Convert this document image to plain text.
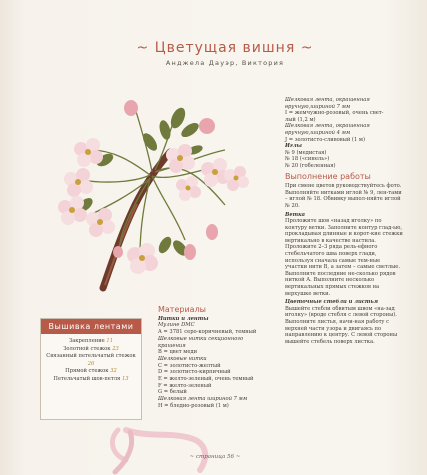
~ Цветущая вишня ~
Анджела Дауэр, Виктория
Шелковая лента, окрашенная
вручную,шириной 7 мм
I = жемчужно-розовый, очень свет-
лый (1,2 м)
Шелковая лента, окрашенная
вручную,шириной 4 мм
J = золотисто-сливовый (1 м)
Иглы
№ 9 (медистая)
№ 18 («синель»)
№ 20 (гобеленная)
Выполнение работы

При смене цветов руководствуйтесь фото. Выполняйте нитками иглой № 9, лен-тами – иглой № 18. Обвивку выпол-няйте иглой № 20.

Ветка

Проложите шов «назад иголку» по контуру ветки. Заполните контур глад-ью, прокладывая длинные и корот-кие стежки вертикально в качестве настила. Проложите 2–3 ряда рель-ефного стебельчатого шва поверх глади, используя сначала самые тем-ные участки нити В, а затем – самые светлые. Выполните последние не-сколько рядов ниткой А. Выполните несколько вертикальных прямых стежков на верхушке ветки.

Цветочные стебли и листья

Вышейте стебли обвитым швом «на-зад иголку» (вроде стебля с левой стороны). Выполните листья, начи-ная работу с верхней части узора и двигаясь по направлению к центру. С левой стороны вышейте стебель поверх листка.

Материалы
Нитки и ленты
Мулине DMC
A = 3781 серо-коричневый, темный
Шелковые нитки секционного
крашения
B = цвет меди
Шелковые нитки
C = золотисто-желтый
D = золотисто-кирпичный
E = желто-зеленый, очень темный
F = желто-зеленый
G = белый
Шелковая лента шириной 7 мм
H = бледно-розовый (1 м)
Вышивка лентами
Закрепление 11
Золотной стежок 23
Связанный петельчатый стежок 26
Прямой стежок 32
Петельчатый шов-петля 13
~ страница 56 ~
